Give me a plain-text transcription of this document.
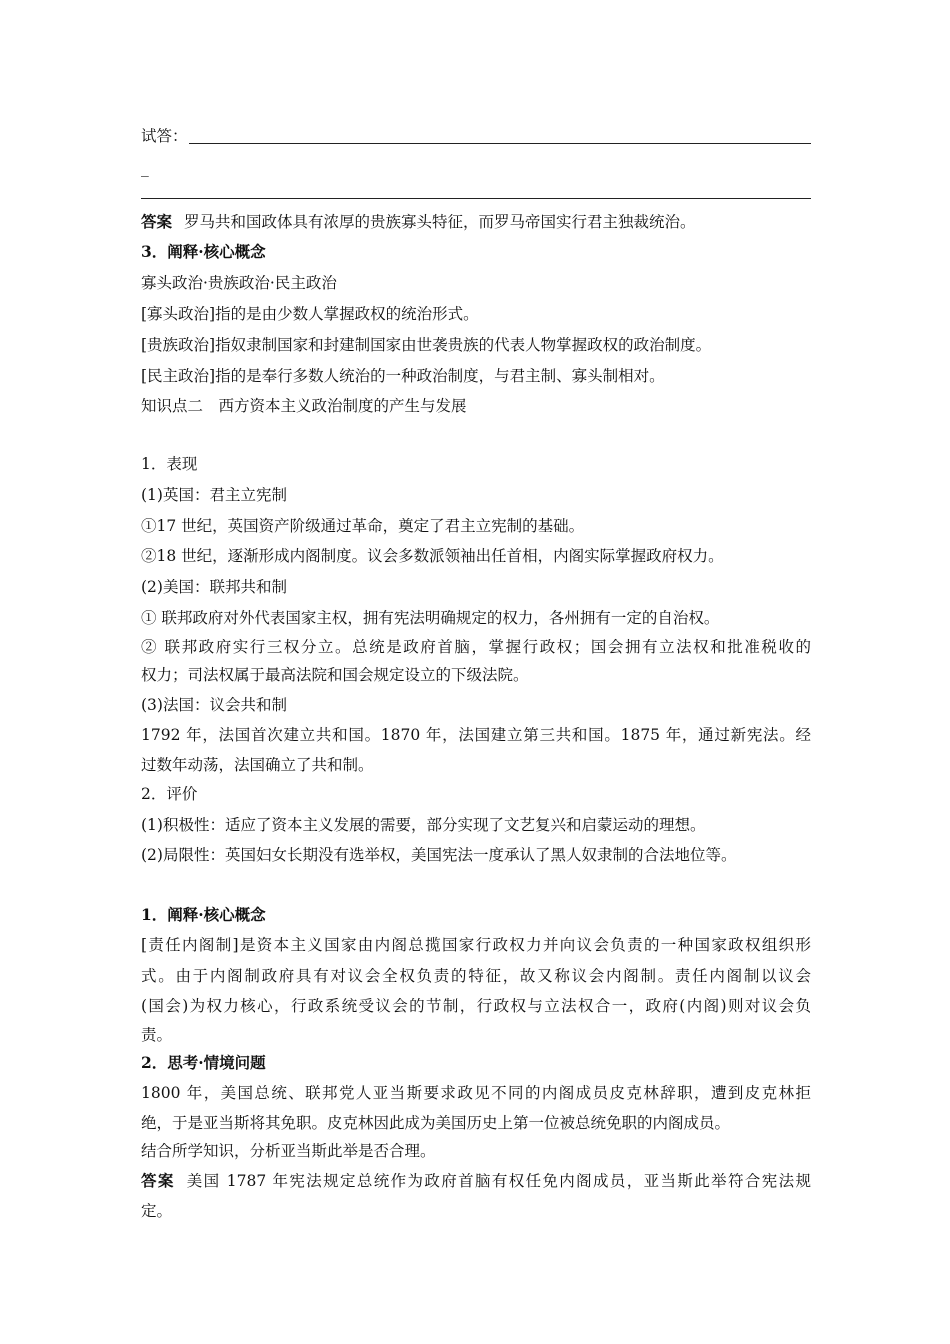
试答：
_
答案 罗马共和国政体具有浓厚的贵族寡头特征，而罗马帝国实行君主独裁统治。
3．阐释·核心概念
寡头政治·贵族政治·民主政治
[寡头政治]指的是由少数人掌握政权的统治形式。
[贵族政治]指奴隶制国家和封建制国家由世袭贵族的代表人物掌握政权的政治制度。
[民主政治]指的是奉行多数人统治的一种政治制度，与君主制、寡头制相对。
知识点二　西方资本主义政治制度的产生与发展
1．表现
(1)英国：君主立宪制
①17 世纪，英国资产阶级通过革命，奠定了君主立宪制的基础。
②18 世纪，逐渐形成内阁制度。议会多数派领袖出任首相，内阁实际掌握政府权力。
(2)美国：联邦共和制
① 联邦政府对外代表国家主权，拥有宪法明确规定的权力，各州拥有一定的自治权。
② 联邦政府实行三权分立。总统是政府首脑，掌握行政权；国会拥有立法权和批准税收的
权力；司法权属于最高法院和国会规定设立的下级法院。
(3)法国：议会共和制
1792 年，法国首次建立共和国。1870 年，法国建立第三共和国。1875 年，通过新宪法。经
过数年动荡，法国确立了共和制。
2．评价
(1)积极性：适应了资本主义发展的需要，部分实现了文艺复兴和启蒙运动的理想。
(2)局限性：英国妇女长期没有选举权，美国宪法一度承认了黑人奴隶制的合法地位等。
1．阐释·核心概念
[责任内阁制]是资本主义国家由内阁总揽国家行政权力并向议会负责的一种国家政权组织形
式。由于内阁制政府具有对议会全权负责的特征，故又称议会内阁制。责任内阁制以议会
(国会)为权力核心，行政系统受议会的节制，行政权与立法权合一，政府(内阁)则对议会负
责。
2．思考·情境问题
1800 年，美国总统、联邦党人亚当斯要求政见不同的内阁成员皮克林辞职，遭到皮克林拒
绝，于是亚当斯将其免职。皮克林因此成为美国历史上第一位被总统免职的内阁成员。
结合所学知识，分析亚当斯此举是否合理。
答案 美国 1787 年宪法规定总统作为政府首脑有权任免内阁成员，亚当斯此举符合宪法规
定。
